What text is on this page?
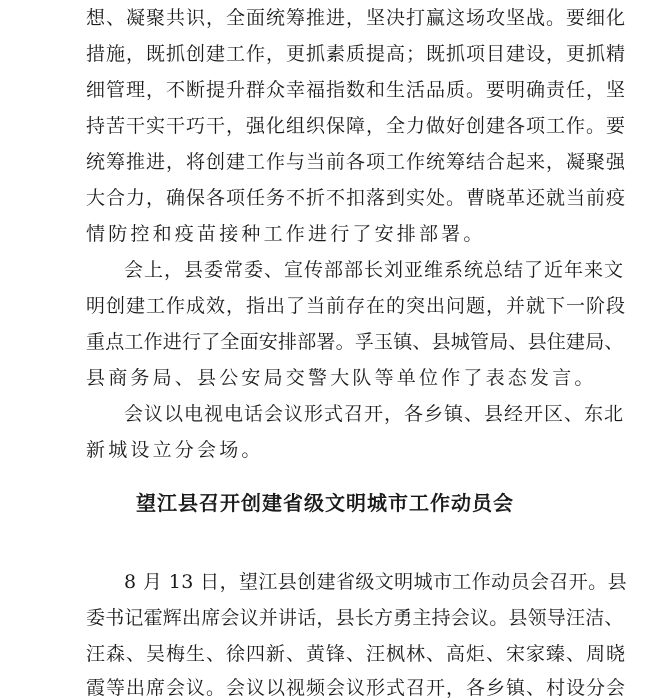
想、凝聚共识，全面统筹推进，坚决打赢这场攻坚战。要细化
措施，既抓创建工作，更抓素质提高；既抓项目建设，更抓精
细管理，不断提升群众幸福指数和生活品质。要明确责任，坚
持苦干实干巧干，强化组织保障，全力做好创建各项工作。要
统筹推进，将创建工作与当前各项工作统筹结合起来，凝聚强
大合力，确保各项任务不折不扣落到实处。曹晓革还就当前疫
情防控和疫苗接种工作进行了安排部署。
会上，县委常委、宣传部部长刘亚维系统总结了近年来文
明创建工作成效，指出了当前存在的突出问题，并就下一阶段
重点工作进行了全面安排部署。孚玉镇、县城管局、县住建局、
县商务局、县公安局交警大队等单位作了表态发言。
会议以电视电话会议形式召开，各乡镇、县经开区、东北
新城设立分会场。
望江县召开创建省级文明城市工作动员会
8 月 13 日，望江县创建省级文明城市工作动员会召开。县
委书记霍辉出席会议并讲话，县长方勇主持会议。县领导汪洁、
汪森、吴梅生、徐四新、黄锋、汪枫林、高炬、宋家臻、周晓
霞等出席会议。会议以视频会议形式召开，各乡镇、村设分会
